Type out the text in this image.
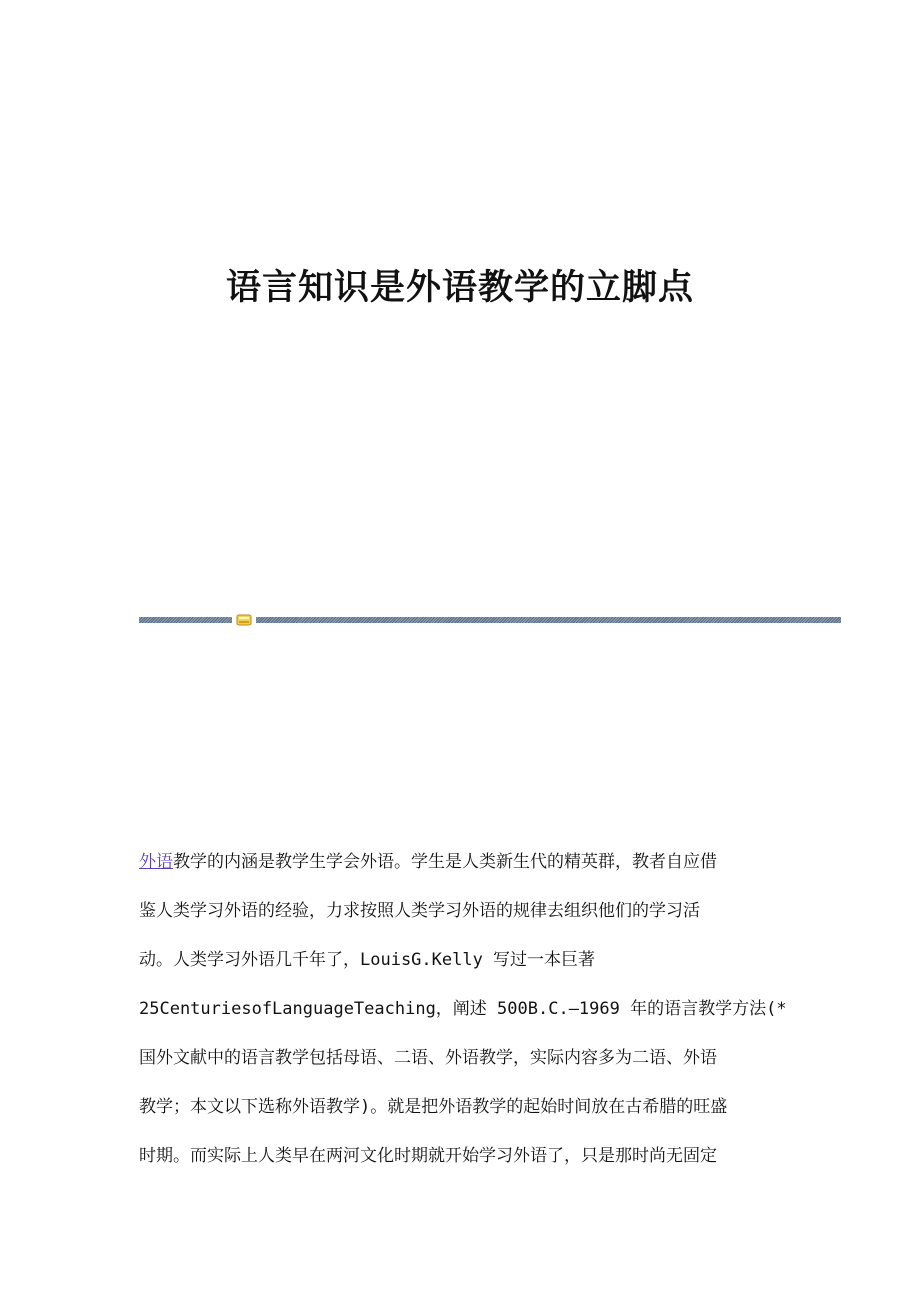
语言知识是外语教学的立脚点
外语教学的内涵是教学生学会外语。学生是人类新生代的精英群，教者自应借
鉴人类学习外语的经验，力求按照人类学习外语的规律去组织他们的学习活
动。人类学习外语几千年了，LouisG.Kelly 写过一本巨著
25CenturiesofLanguageTeaching，阐述 500B.C.—1969 年的语言教学方法(*
国外文献中的语言教学包括母语、二语、外语教学，实际内容多为二语、外语
教学；本文以下选称外语教学)。就是把外语教学的起始时间放在古希腊的旺盛
时期。而实际上人类早在两河文化时期就开始学习外语了，只是那时尚无固定
